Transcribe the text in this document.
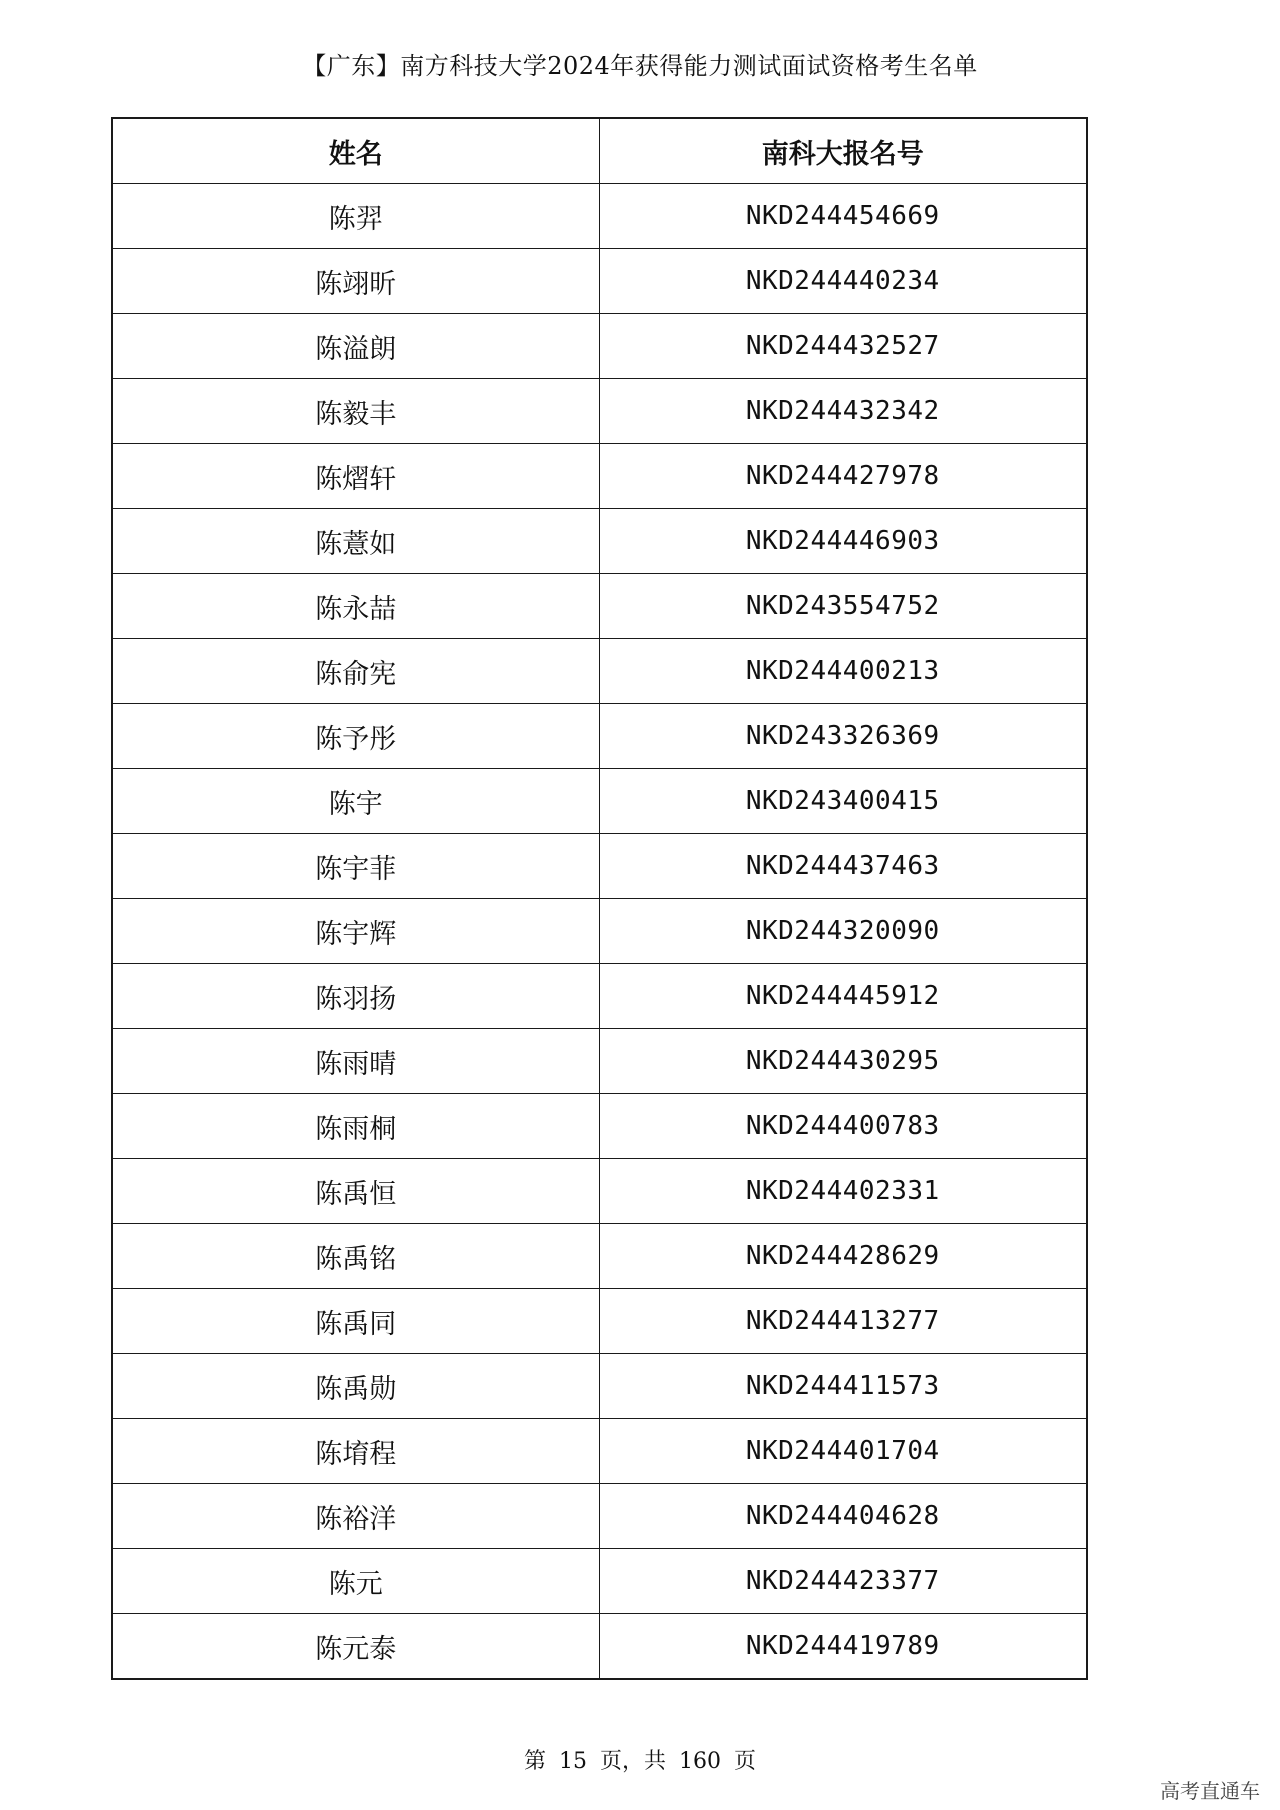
【广东】南方科技大学2024年获得能力测试面试资格考生名单
姓名	南科大报名号
陈羿	NKD244454669
陈翊昕	NKD244440234
陈溢朗	NKD244432527
陈毅丰	NKD244432342
陈熠轩	NKD244427978
陈薏如	NKD244446903
陈永喆	NKD243554752
陈俞宪	NKD244400213
陈予彤	NKD243326369
陈宇	NKD243400415
陈宇菲	NKD244437463
陈宇辉	NKD244320090
陈羽扬	NKD244445912
陈雨晴	NKD244430295
陈雨桐	NKD244400783
陈禹恒	NKD244402331
陈禹铭	NKD244428629
陈禹同	NKD244413277
陈禹勋	NKD244411573
陈堉程	NKD244401704
陈裕洋	NKD244404628
陈元	NKD244423377
陈元泰	NKD244419789
第 15 页，共 160 页
高考直通车
